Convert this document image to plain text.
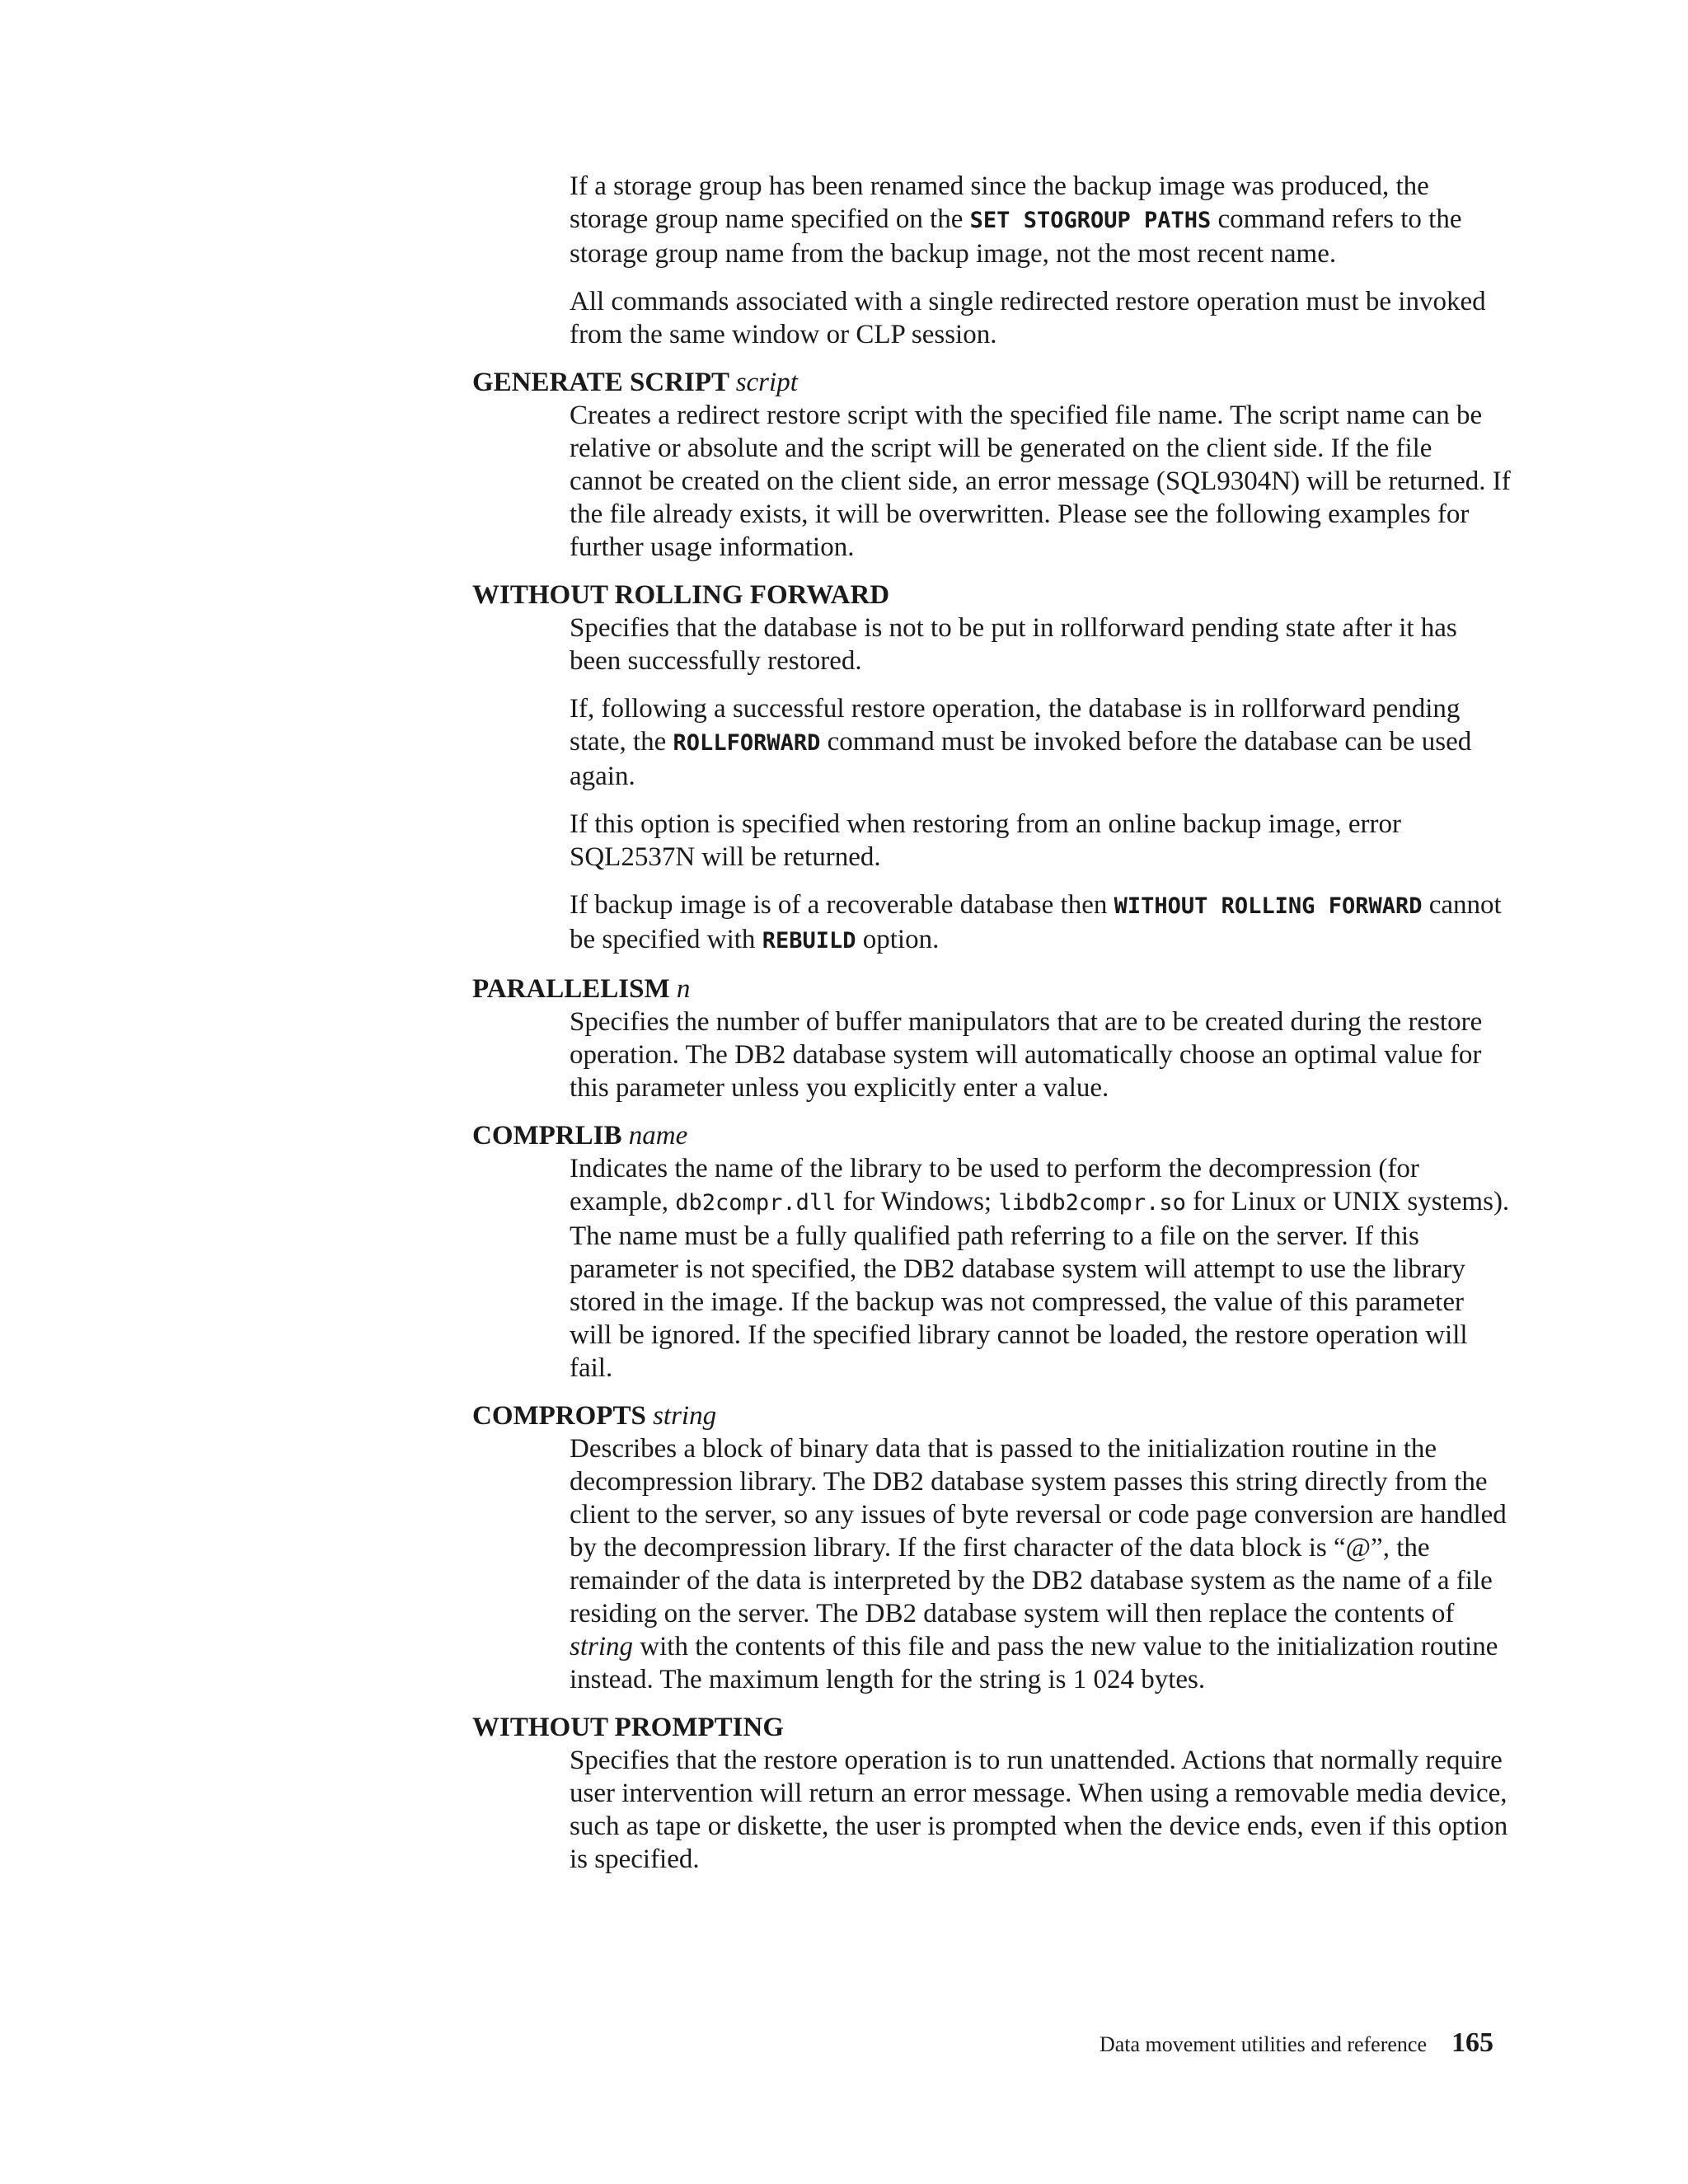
If a storage group has been renamed since the backup image was produced, the storage group name specified on the SET STOGROUP PATHS command refers to the storage group name from the backup image, not the most recent name.

All commands associated with a single redirected restore operation must be invoked from the same window or CLP session.

GENERATE SCRIPT script

Creates a redirect restore script with the specified file name. The script name can be relative or absolute and the script will be generated on the client side. If the file cannot be created on the client side, an error message (SQL9304N) will be returned. If the file already exists, it will be overwritten. Please see the following examples for further usage information.

WITHOUT ROLLING FORWARD

Specifies that the database is not to be put in rollforward pending state after it has been successfully restored.

If, following a successful restore operation, the database is in rollforward pending state, the ROLLFORWARD command must be invoked before the database can be used again.

If this option is specified when restoring from an online backup image, error SQL2537N will be returned.

If backup image is of a recoverable database then WITHOUT ROLLING FORWARD cannot be specified with REBUILD option.

PARALLELISM n

Specifies the number of buffer manipulators that are to be created during the restore operation. The DB2 database system will automatically choose an optimal value for this parameter unless you explicitly enter a value.

COMPRLIB name

Indicates the name of the library to be used to perform the decompression (for example, db2compr.dll for Windows; libdb2compr.so for Linux or UNIX systems). The name must be a fully qualified path referring to a file on the server. If this parameter is not specified, the DB2 database system will attempt to use the library stored in the image. If the backup was not compressed, the value of this parameter will be ignored. If the specified library cannot be loaded, the restore operation will fail.

COMPROPTS string

Describes a block of binary data that is passed to the initialization routine in the decompression library. The DB2 database system passes this string directly from the client to the server, so any issues of byte reversal or code page conversion are handled by the decompression library. If the first character of the data block is “@”, the remainder of the data is interpreted by the DB2 database system as the name of a file residing on the server. The DB2 database system will then replace the contents of string with the contents of this file and pass the new value to the initialization routine instead. The maximum length for the string is 1 024 bytes.

WITHOUT PROMPTING

Specifies that the restore operation is to run unattended. Actions that normally require user intervention will return an error message. When using a removable media device, such as tape or diskette, the user is prompted when the device ends, even if this option is specified.

Data movement utilities and reference 165
